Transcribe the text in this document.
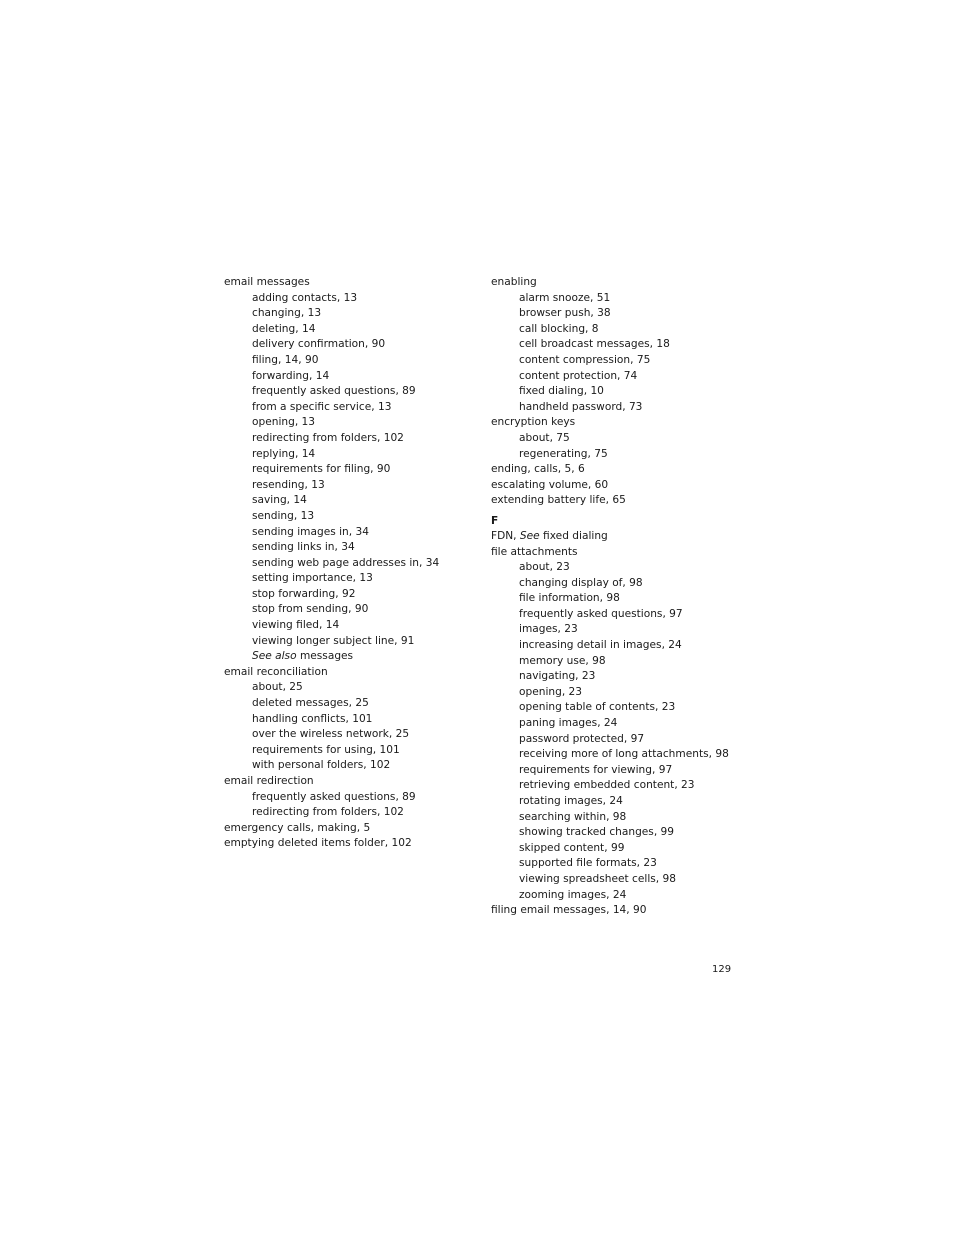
email messages
adding contacts, 13
changing, 13
deleting, 14
delivery confirmation, 90
filing, 14, 90
forwarding, 14
frequently asked questions, 89
from a specific service, 13
opening, 13
redirecting from folders, 102
replying, 14
requirements for filing, 90
resending, 13
saving, 14
sending, 13
sending images in, 34
sending links in, 34
sending web page addresses in, 34
setting importance, 13
stop forwarding, 92
stop from sending, 90
viewing filed, 14
viewing longer subject line, 91
See also messages
email reconciliation
about, 25
deleted messages, 25
handling conflicts, 101
over the wireless network, 25
requirements for using, 101
with personal folders, 102
email redirection
frequently asked questions, 89
redirecting from folders, 102
emergency calls, making, 5
emptying deleted items folder, 102
enabling
alarm snooze, 51
browser push, 38
call blocking, 8
cell broadcast messages, 18
content compression, 75
content protection, 74
fixed dialing, 10
handheld password, 73
encryption keys
about, 75
regenerating, 75
ending, calls, 5, 6
escalating volume, 60
extending battery life, 65
F
FDN, See fixed dialing
file attachments
about, 23
changing display of, 98
file information, 98
frequently asked questions, 97
images, 23
increasing detail in images, 24
memory use, 98
navigating, 23
opening, 23
opening table of contents, 23
paning images, 24
password protected, 97
receiving more of long attachments, 98
requirements for viewing, 97
retrieving embedded content, 23
rotating images, 24
searching within, 98
showing tracked changes, 99
skipped content, 99
supported file formats, 23
viewing spreadsheet cells, 98
zooming images, 24
filing email messages, 14, 90
129
